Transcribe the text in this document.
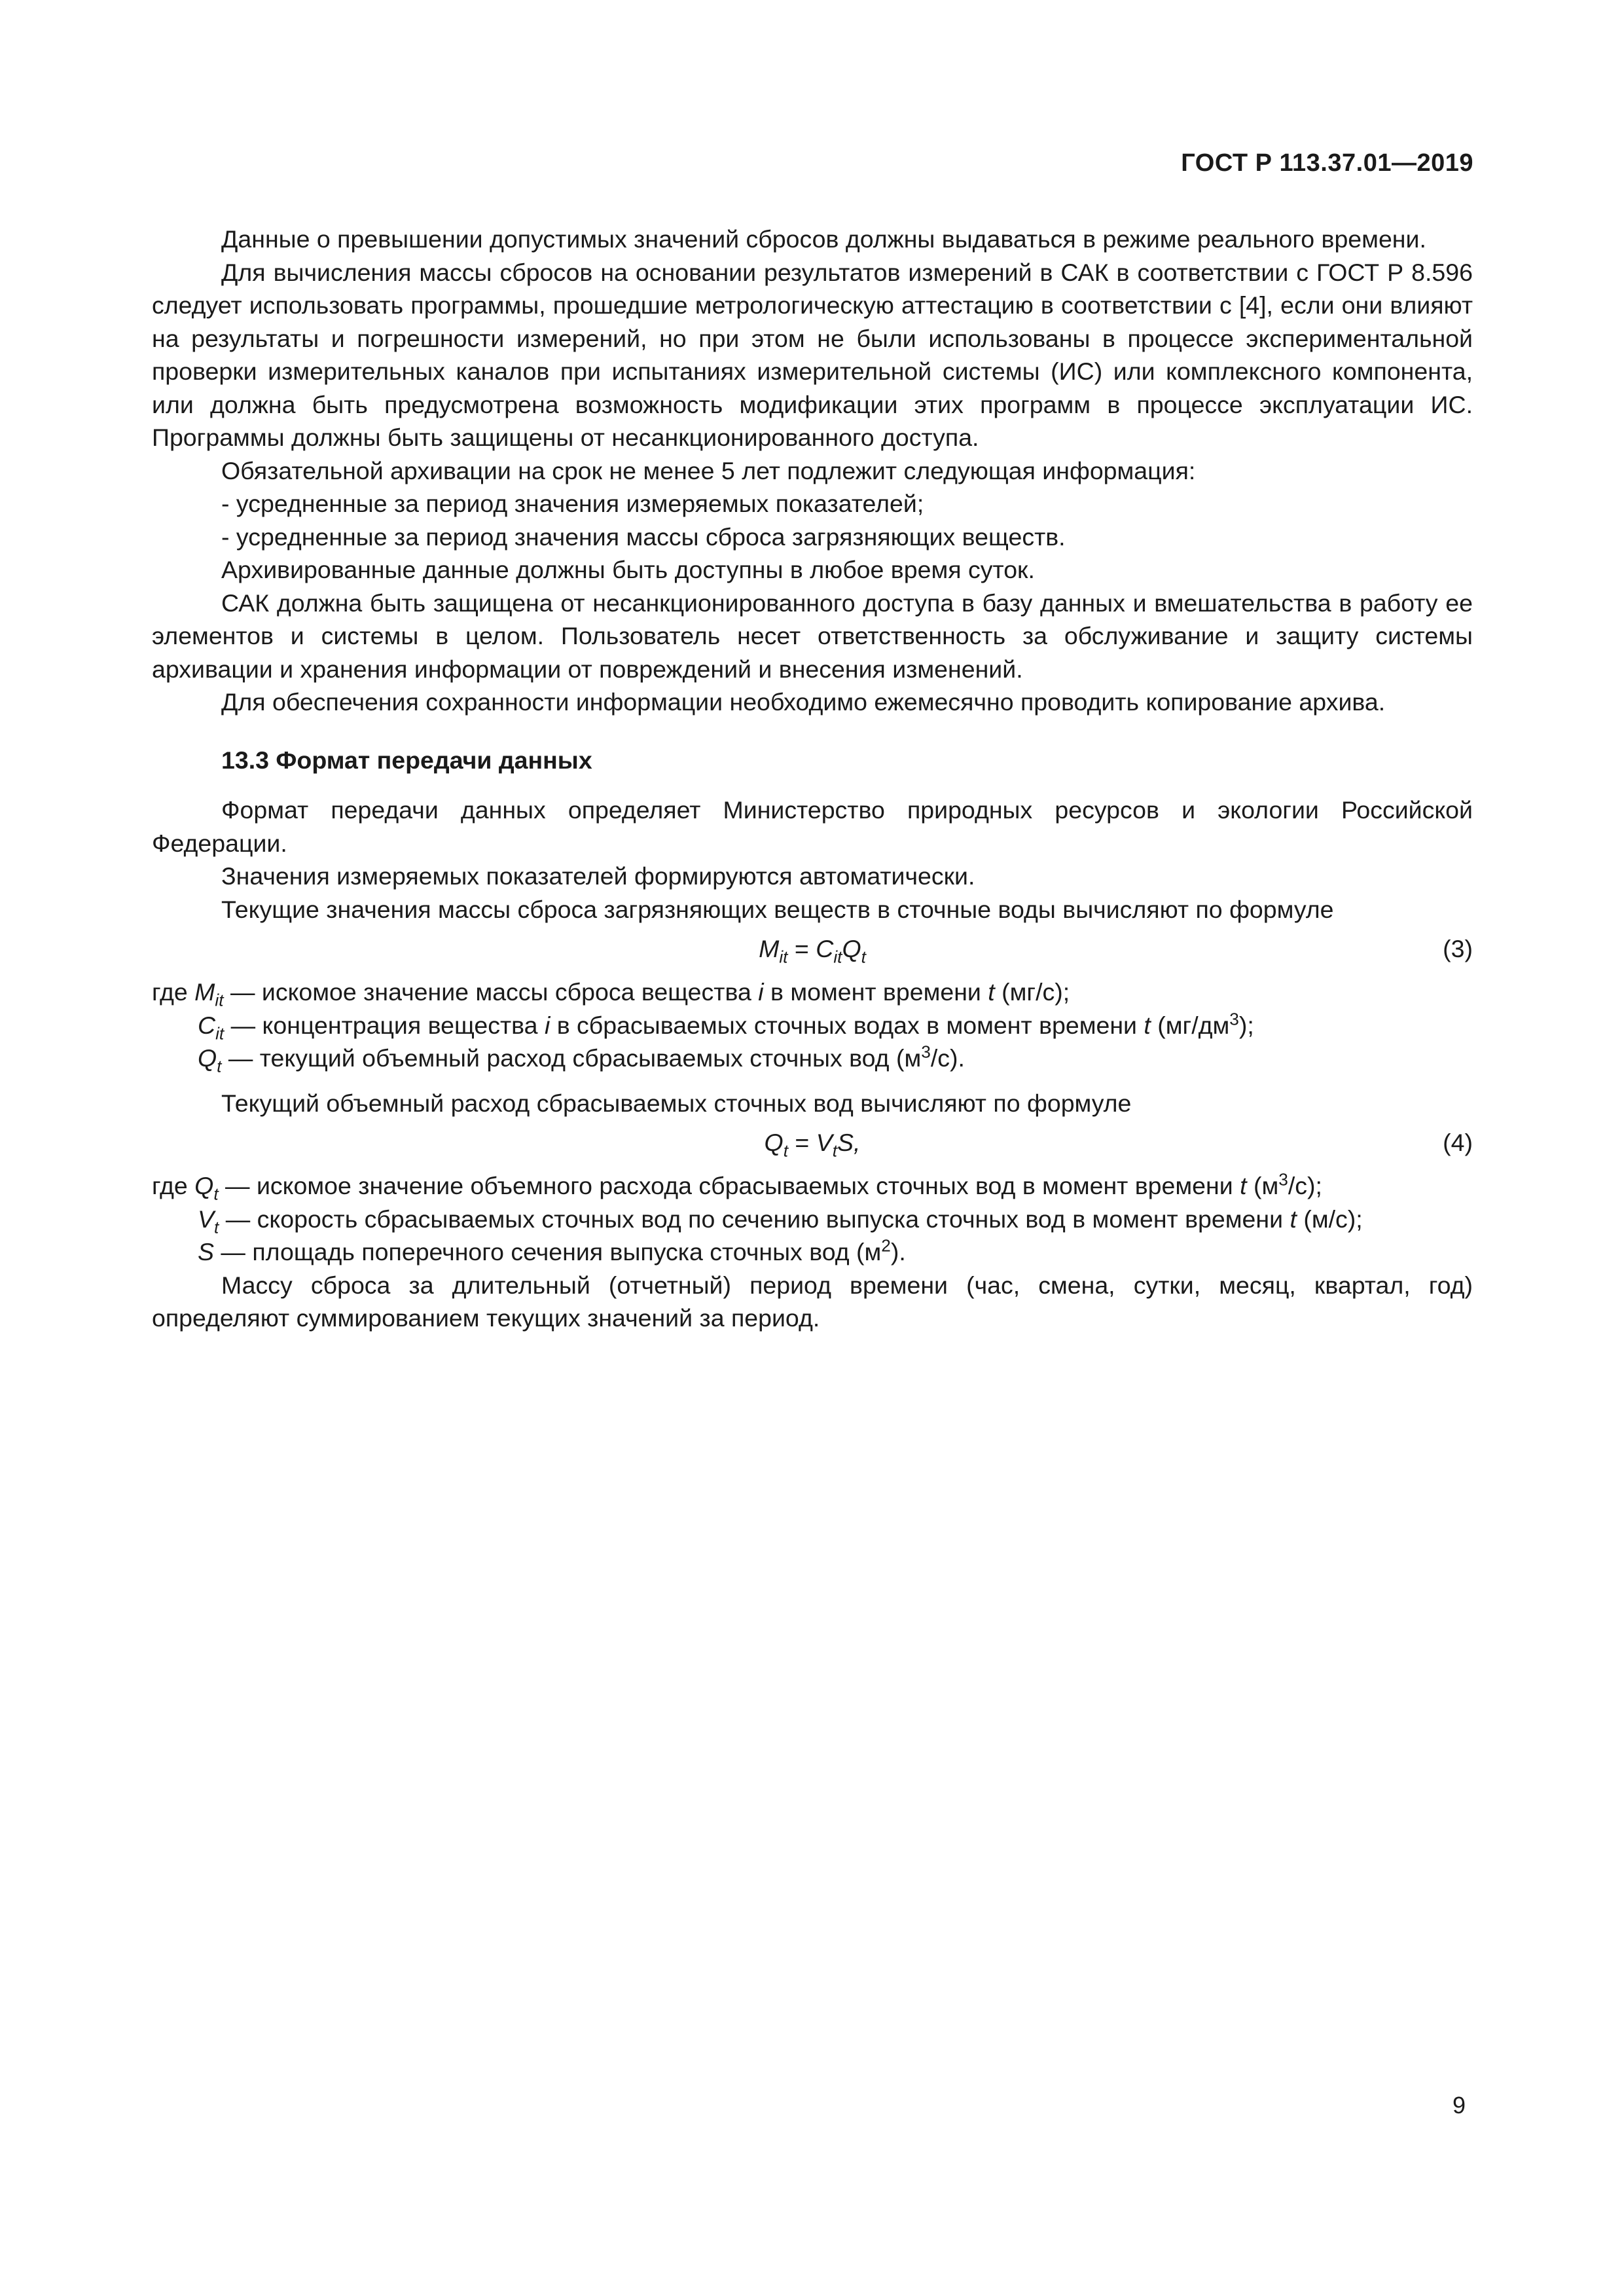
ГОСТ Р 113.37.01—2019

Данные о превышении допустимых значений сбросов должны выдаваться в режиме реального времени.

Для вычисления массы сбросов на основании результатов измерений в САК в соответствии с ГОСТ Р 8.596 следует использовать программы, прошедшие метрологическую аттестацию в соответствии с [4], если они влияют на результаты и погрешности измерений, но при этом не были использованы в процессе экспериментальной проверки измерительных каналов при испытаниях измерительной системы (ИС) или комплексного компонента, или должна быть предусмотрена возможность модификации этих программ в процессе эксплуатации ИС. Программы должны быть защищены от несанкционированного доступа.

Обязательной архивации на срок не менее 5 лет подлежит следующая информация:

- усредненные за период значения измеряемых показателей;

- усредненные за период значения массы сброса загрязняющих веществ.

Архивированные данные должны быть доступны в любое время суток.

САК должна быть защищена от несанкционированного доступа в базу данных и вмешательства в работу ее элементов и системы в целом. Пользователь несет ответственность за обслуживание и защиту системы архивации и хранения информации от повреждений и внесения изменений.

Для обеспечения сохранности информации необходимо ежемесячно проводить копирование архива.

13.3 Формат передачи данных

Формат передачи данных определяет Министерство природных ресурсов и экологии Российской Федерации.

Значения измеряемых показателей формируются автоматически.

Текущие значения массы сброса загрязняющих веществ в сточные воды вычисляют по формуле

$M_{it} = C_{it}Q_t$	(3)

где $M_{it}$ — искомое значение массы сброса вещества i в момент времени t (мг/с);

$C_{it}$ — концентрация вещества i в сбрасываемых сточных водах в момент времени t $(мг/дм^3)$;

$Q_t$ — текущий объемный расход сбрасываемых сточных вод $(м^3/с)$.

Текущий объемный расход сбрасываемых сточных вод вычисляют по формуле

$Q_t = V_tS$,	(4)

где $Q_t$ — искомое значение объемного расхода сбрасываемых сточных вод в момент времени t $(м^3/с)$;

$V_t$ — скорость сбрасываемых сточных вод по сечению выпуска сточных вод в момент времени t (м/с);

S — площадь поперечного сечения выпуска сточных вод $(м^2)$.

Массу сброса за длительный (отчетный) период времени (час, смена, сутки, месяц, квартал, год) определяют суммированием текущих значений за период.

9
